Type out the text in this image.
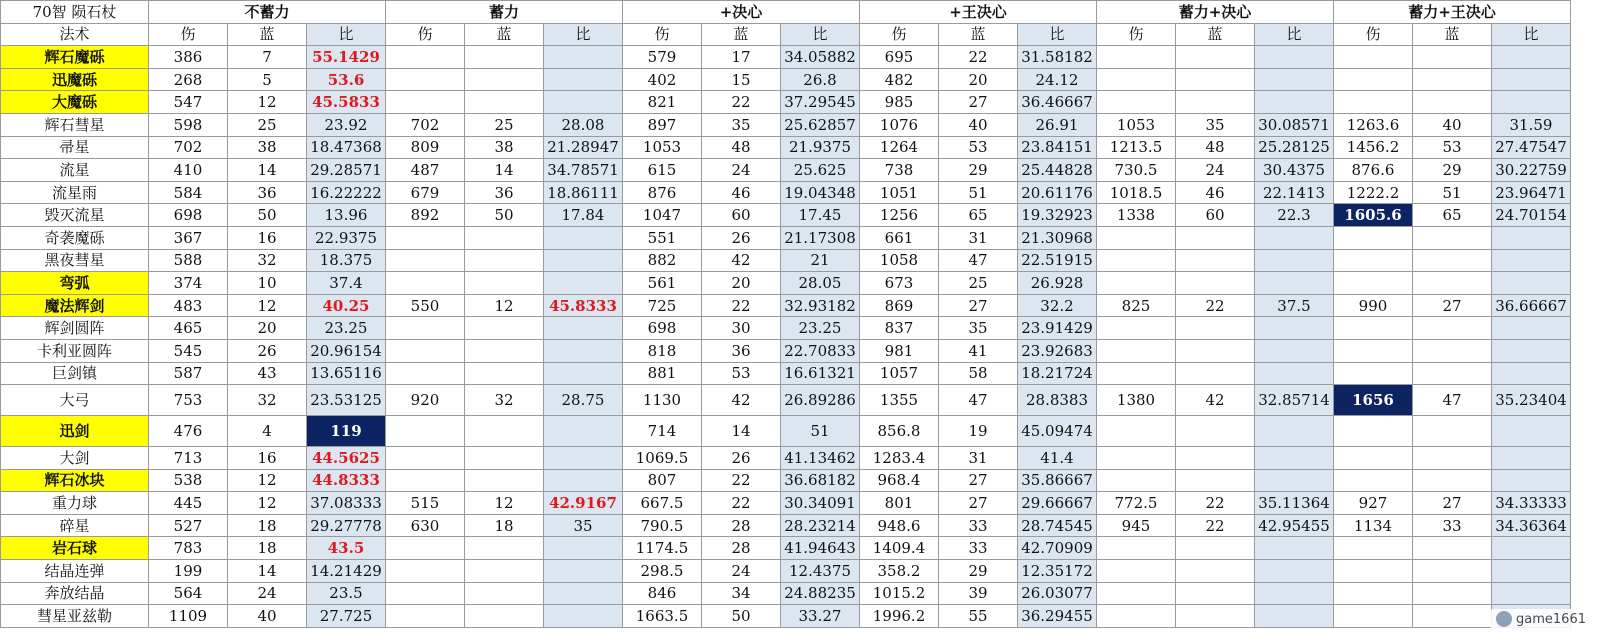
70智 陨石杖	不蓄力			蓄力			+决心			+王决心			蓄力+决心			蓄力+王决心		
法术	伤	蓝	比	伤	蓝	比	伤	蓝	比	伤	蓝	比	伤	蓝	比	伤	蓝	比
辉石魔砾	386	7	55.1429				579	17	34.05882	695	22	31.58182						
迅魔砾	268	5	53.6				402	15	26.8	482	20	24.12						
大魔砾	547	12	45.5833				821	22	37.29545	985	27	36.46667						
辉石彗星	598	25	23.92	702	25	28.08	897	35	25.62857	1076	40	26.91	1053	35	30.08571	1263.6	40	31.59
帚星	702	38	18.47368	809	38	21.28947	1053	48	21.9375	1264	53	23.84151	1213.5	48	25.28125	1456.2	53	27.47547
流星	410	14	29.28571	487	14	34.78571	615	24	25.625	738	29	25.44828	730.5	24	30.4375	876.6	29	30.22759
流星雨	584	36	16.22222	679	36	18.86111	876	46	19.04348	1051	51	20.61176	1018.5	46	22.1413	1222.2	51	23.96471
毁灭流星	698	50	13.96	892	50	17.84	1047	60	17.45	1256	65	19.32923	1338	60	22.3	1605.6	65	24.70154
奇袭魔砾	367	16	22.9375				551	26	21.17308	661	31	21.30968						
黑夜彗星	588	32	18.375				882	42	21	1058	47	22.51915						
弯弧	374	10	37.4				561	20	28.05	673	25	26.928						
魔法辉剑	483	12	40.25	550	12	45.8333	725	22	32.93182	869	27	32.2	825	22	37.5	990	27	36.66667
辉剑圆阵	465	20	23.25				698	30	23.25	837	35	23.91429						
卡利亚圆阵	545	26	20.96154				818	36	22.70833	981	41	23.92683						
巨剑镇	587	43	13.65116				881	53	16.61321	1057	58	18.21724						
大弓	753	32	23.53125	920	32	28.75	1130	42	26.89286	1355	47	28.8383	1380	42	32.85714	1656	47	35.23404
迅剑	476	4	119				714	14	51	856.8	19	45.09474						
大剑	713	16	44.5625				1069.5	26	41.13462	1283.4	31	41.4						
辉石冰块	538	12	44.8333				807	22	36.68182	968.4	27	35.86667						
重力球	445	12	37.08333	515	12	42.9167	667.5	22	30.34091	801	27	29.66667	772.5	22	35.11364	927	27	34.33333
碎星	527	18	29.27778	630	18	35	790.5	28	28.23214	948.6	33	28.74545	945	22	42.95455	1134	33	34.36364
岩石球	783	18	43.5				1174.5	28	41.94643	1409.4	33	42.70909						
结晶连弹	199	14	14.21429				298.5	24	12.4375	358.2	29	12.35172						
奔放结晶	564	24	23.5				846	34	24.88235	1015.2	39	26.03077						
彗星亚兹勒	1109	40	27.725				1663.5	50	33.27	1996.2	55	36.29455							game1661
